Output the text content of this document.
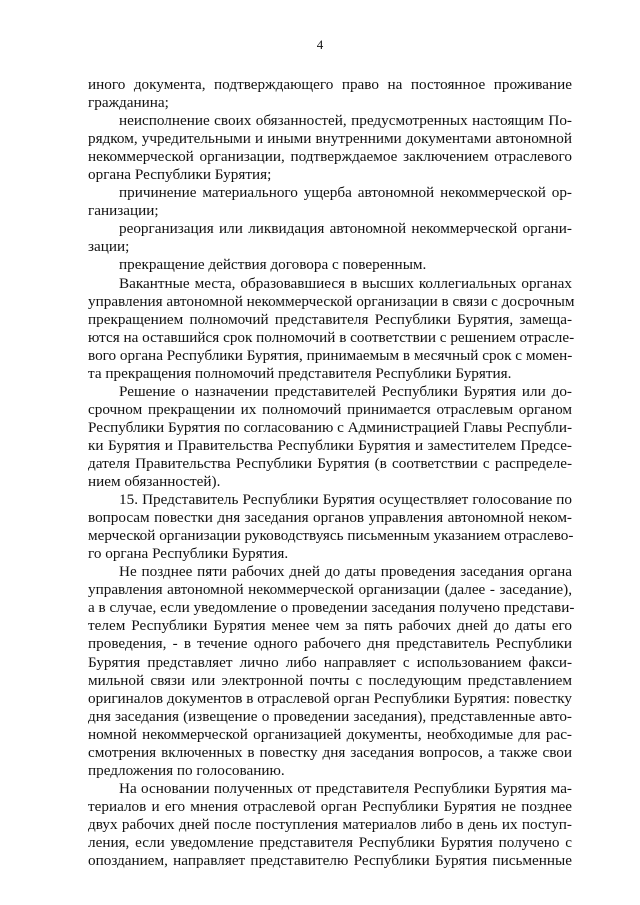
4
иного документа, подтверждающего право на постоянное проживание
гражданина;
неисполнение своих обязанностей, предусмотренных настоящим По-
рядком, учредительными и иными внутренними документами автономной
некоммерческой организации, подтверждаемое заключением отраслевого
органа Республики Бурятия;
причинение материального ущерба автономной некоммерческой ор-
ганизации;
реорганизация или ликвидация автономной некоммерческой органи-
зации;
прекращение действия договора с поверенным.
Вакантные места, образовавшиеся в высших коллегиальных органах
управления автономной некоммерческой организации в связи с досрочным
прекращением полномочий представителя Республики Бурятия, замеща-
ются на оставшийся срок полномочий в соответствии с решением отрасле-
вого органа Республики Бурятия, принимаемым в месячный срок с момен-
та прекращения полномочий представителя Республики Бурятия.
Решение о назначении представителей Республики Бурятия или до-
срочном прекращении их полномочий принимается отраслевым органом
Республики Бурятия по согласованию с Администрацией Главы Республи-
ки Бурятия и Правительства Республики Бурятия и заместителем Предсе-
дателя Правительства Республики Бурятия (в соответствии с распределе-
нием обязанностей).
15. Представитель Республики Бурятия осуществляет голосование по
вопросам повестки дня заседания органов управления автономной неком-
мерческой организации руководствуясь письменным указанием отраслево-
го органа Республики Бурятия.
Не позднее пяти рабочих дней до даты проведения заседания органа
управления автономной некоммерческой организации (далее - заседание),
а в случае, если уведомление о проведении заседания получено представи-
телем Республики Бурятия менее чем за пять рабочих дней до даты его
проведения, - в течение одного рабочего дня представитель Республики
Бурятия представляет лично либо направляет с использованием факси-
мильной связи или электронной почты с последующим представлением
оригиналов документов в отраслевой орган Республики Бурятия: повестку
дня заседания (извещение о проведении заседания), представленные авто-
номной некоммерческой организацией документы, необходимые для рас-
смотрения включенных в повестку дня заседания вопросов, а также свои
предложения по голосованию.
На основании полученных от представителя Республики Бурятия ма-
териалов и его мнения отраслевой орган Республики Бурятия не позднее
двух рабочих дней после поступления материалов либо в день их поступ-
ления, если уведомление представителя Республики Бурятия получено с
опозданием, направляет представителю Республики Бурятия письменные
